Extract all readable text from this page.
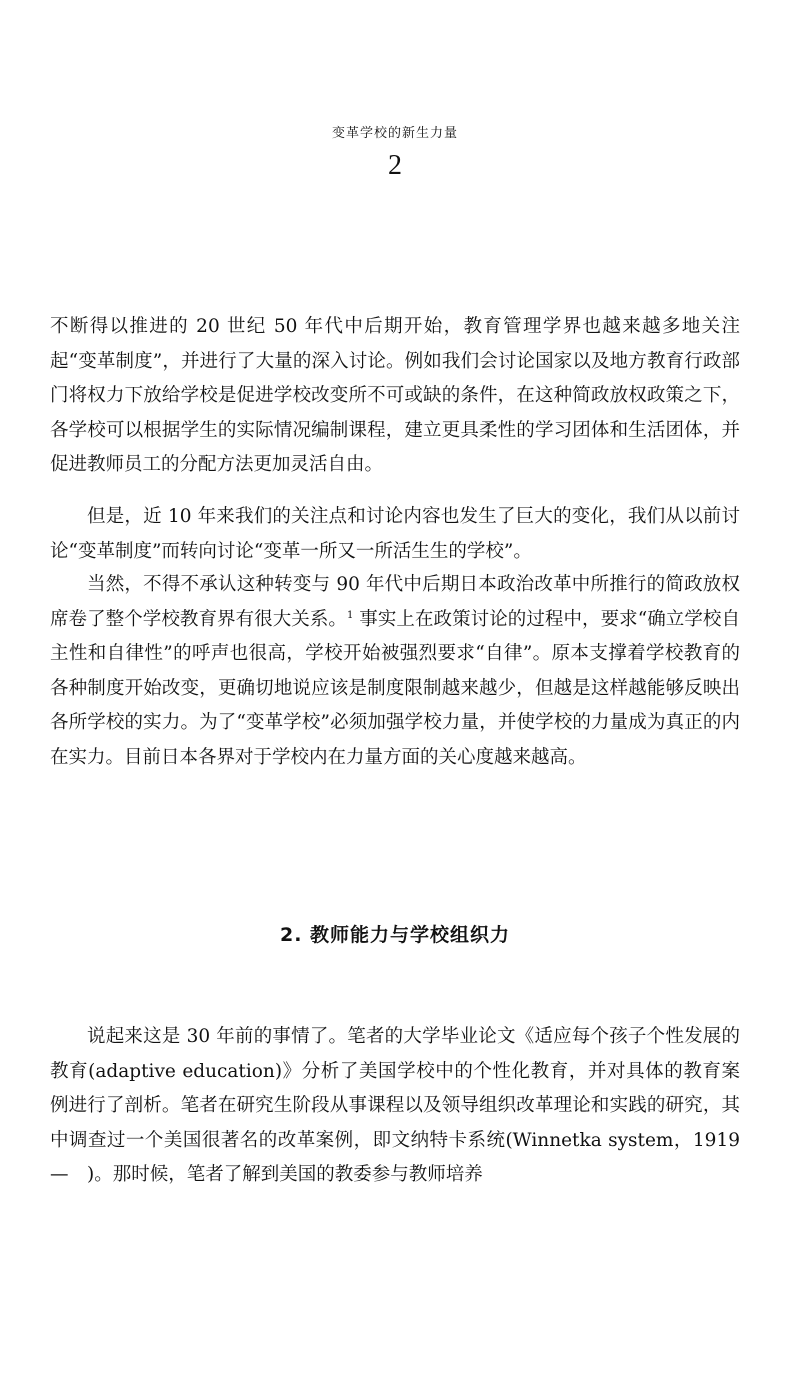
变革学校的新生力量
2

不断得以推进的 20 世纪 50 年代中后期开始，教育管理学界也越来越多地关注起“变革制度”，并进行了大量的深入讨论。例如我们会讨论国家以及地方教育行政部门将权力下放给学校是促进学校改变所不可或缺的条件，在这种简政放权政策之下，各学校可以根据学生的实际情况编制课程，建立更具柔性的学习团体和生活团体，并促进教师员工的分配方法更加灵活自由。

但是，近 10 年来我们的关注点和讨论内容也发生了巨大的变化，我们从以前讨论“变革制度”而转向讨论“变革一所又一所活生生的学校”。

当然，不得不承认这种转变与 90 年代中后期日本政治改革中所推行的简政放权席卷了整个学校教育界有很大关系。$^1$ 事实上在政策讨论的过程中，要求“确立学校自主性和自律性”的呼声也很高，学校开始被强烈要求“自律”。原本支撑着学校教育的各种制度开始改变，更确切地说应该是制度限制越来越少，但越是这样越能够反映出各所学校的实力。为了“变革学校”必须加强学校力量，并使学校的力量成为真正的内在实力。目前日本各界对于学校内在力量方面的关心度越来越高。

2. 教师能力与学校组织力

说起来这是 30 年前的事情了。笔者的大学毕业论文《适应每个孩子个性发展的教育(adaptive education)》分析了美国学校中的个性化教育，并对具体的教育案例进行了剖析。笔者在研究生阶段从事课程以及领导组织改革理论和实践的研究，其中调查过一个美国很著名的改革案例，即文纳特卡系统(Winnetka system，1919—　)。那时候，笔者了解到美国的教委参与教师培养
